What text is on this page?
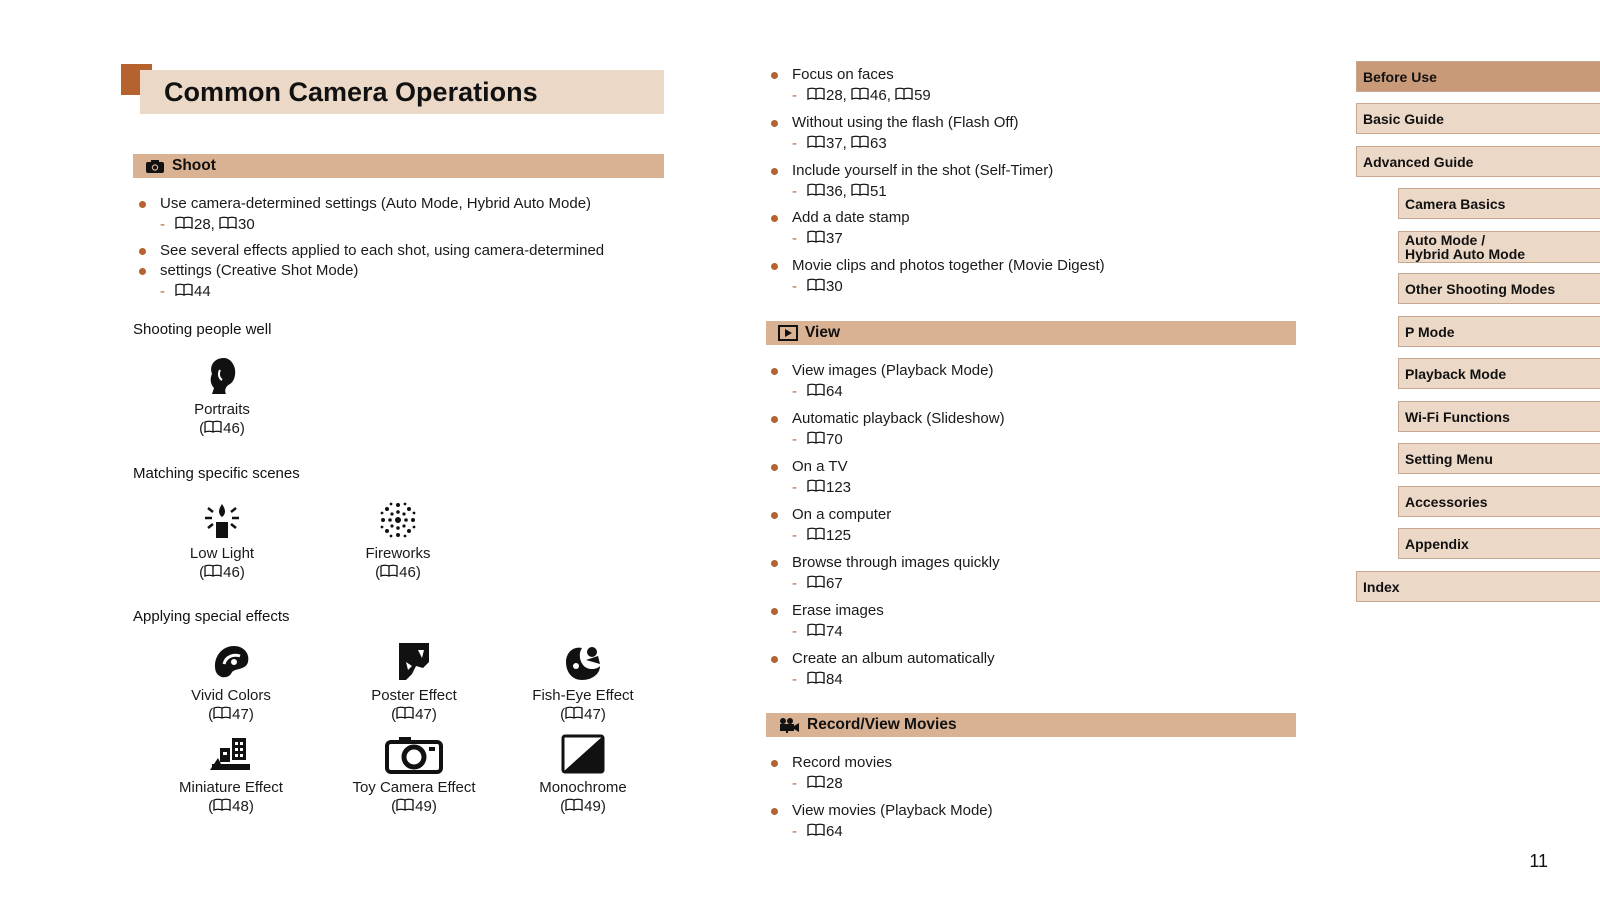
Common Camera Operations
Shoot
Use camera-determined settings (Auto Mode, Hybrid Auto Mode)
- 28, 30
See several effects applied to each shot, using camera-determined
settings (Creative Shot Mode)
- 44
Shooting people well
Portraits
( 46)
Matching specific scenes
Low Light
( 46)
Fireworks
( 46)
Applying special effects
Vivid Colors
( 47)
Poster Effect
( 47)
Fish-Eye Effect
( 47)
Miniature Effect
( 48)
Toy Camera Effect
( 49)
Monochrome
( 49)
Focus on faces
- 28, 46, 59
Without using the flash (Flash Off)
- 37, 63
Include yourself in the shot (Self-Timer)
- 36, 51
Add a date stamp
- 37
Movie clips and photos together (Movie Digest)
- 30
View
View images (Playback Mode)
- 64
Automatic playback (Slideshow)
- 70
On a TV
- 123
On a computer
- 125
Browse through images quickly
- 67
Erase images
- 74
Create an album automatically
- 84
Record/View Movies
Record movies
- 28
View movies (Playback Mode)
- 64
Before Use
Basic Guide
Advanced Guide
Camera Basics
Auto Mode /
Hybrid Auto Mode
Other Shooting Modes
P Mode
Playback Mode
Wi-Fi Functions
Setting Menu
Accessories
Appendix
Index
11
